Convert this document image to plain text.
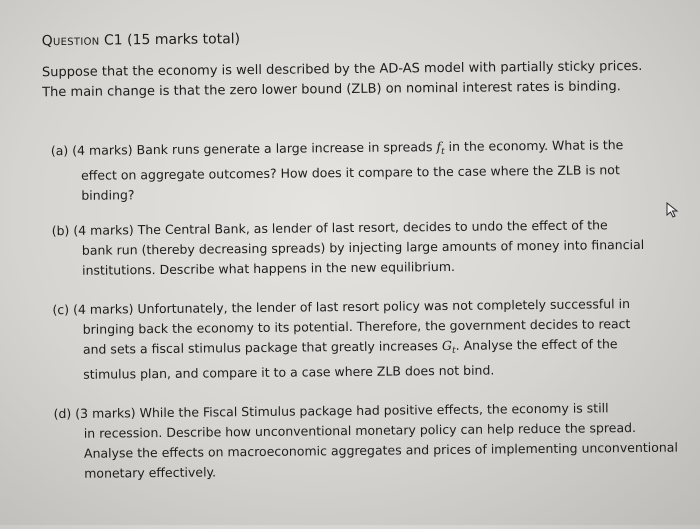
Question C1 (15 marks total)
Suppose that the economy is well described by the AD-AS model with partially sticky prices.
The main change is that the zero lower bound (ZLB) on nominal interest rates is binding.
(a) (4 marks) Bank runs generate a large increase in spreads $f_t$ in the economy. What is the
effect on aggregate outcomes? How does it compare to the case where the ZLB is not
binding?
(b) (4 marks) The Central Bank, as lender of last resort, decides to undo the effect of the
bank run (thereby decreasing spreads) by injecting large amounts of money into financial
institutions. Describe what happens in the new equilibrium.
(c) (4 marks) Unfortunately, the lender of last resort policy was not completely successful in
bringing back the economy to its potential. Therefore, the government decides to react
and sets a fiscal stimulus package that greatly increases $G_t$. Analyse the effect of the
stimulus plan, and compare it to a case where ZLB does not bind.
(d) (3 marks) While the Fiscal Stimulus package had positive effects, the economy is still
in recession. Describe how unconventional monetary policy can help reduce the spread.
Analyse the effects on macroeconomic aggregates and prices of implementing unconventional
monetary effectively.
